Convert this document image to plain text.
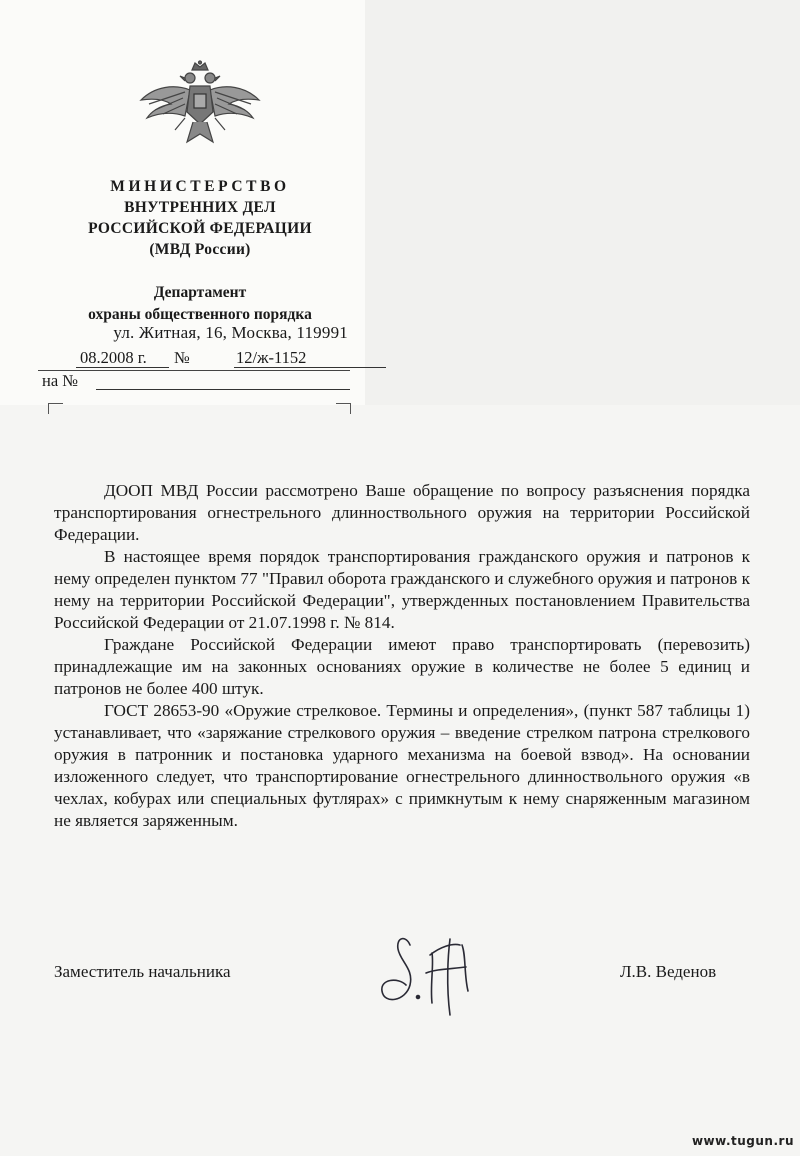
МИНИСТЕРСТВО
ВНУТРЕННИХ ДЕЛ
РОССИЙСКОЙ ФЕДЕРАЦИИ
(МВД России)
Департамент
охраны общественного порядка
ул. Житная, 16, Москва, 119991
08.2008 г. №	12/ж-1152
на №

ДООП МВД России рассмотрено Ваше обращение по вопросу разъяснения порядка транспортирования огнестрельного длинноствольного оружия на территории Российской Федерации.

В настоящее время порядок транспортирования гражданского оружия и патронов к нему определен пунктом 77 "Правил оборота гражданского и служебного оружия и патронов к нему на территории Российской Федерации", утвержденных постановлением Правительства Российской Федерации от 21.07.1998 г. № 814.

Граждане Российской Федерации имеют право транспортировать (перевозить) принадлежащие им на законных основаниях оружие в количестве не более 5 единиц и патронов не более 400 штук.

ГОСТ 28653-90 «Оружие стрелковое. Термины и определения», (пункт 587 таблицы 1) устанавливает, что «заряжание стрелкового оружия – введение стрелком патрона стрелкового оружия в патронник и постановка ударного механизма на боевой взвод». На основании изложенного следует, что транспортирование огнестрельного длинноствольного оружия «в чехлах, кобурах или специальных футлярах» с примкнутым к нему снаряженным магазином не является заряженным.

Заместитель начальника	Л.В. Веденов
www.tugun.ru
